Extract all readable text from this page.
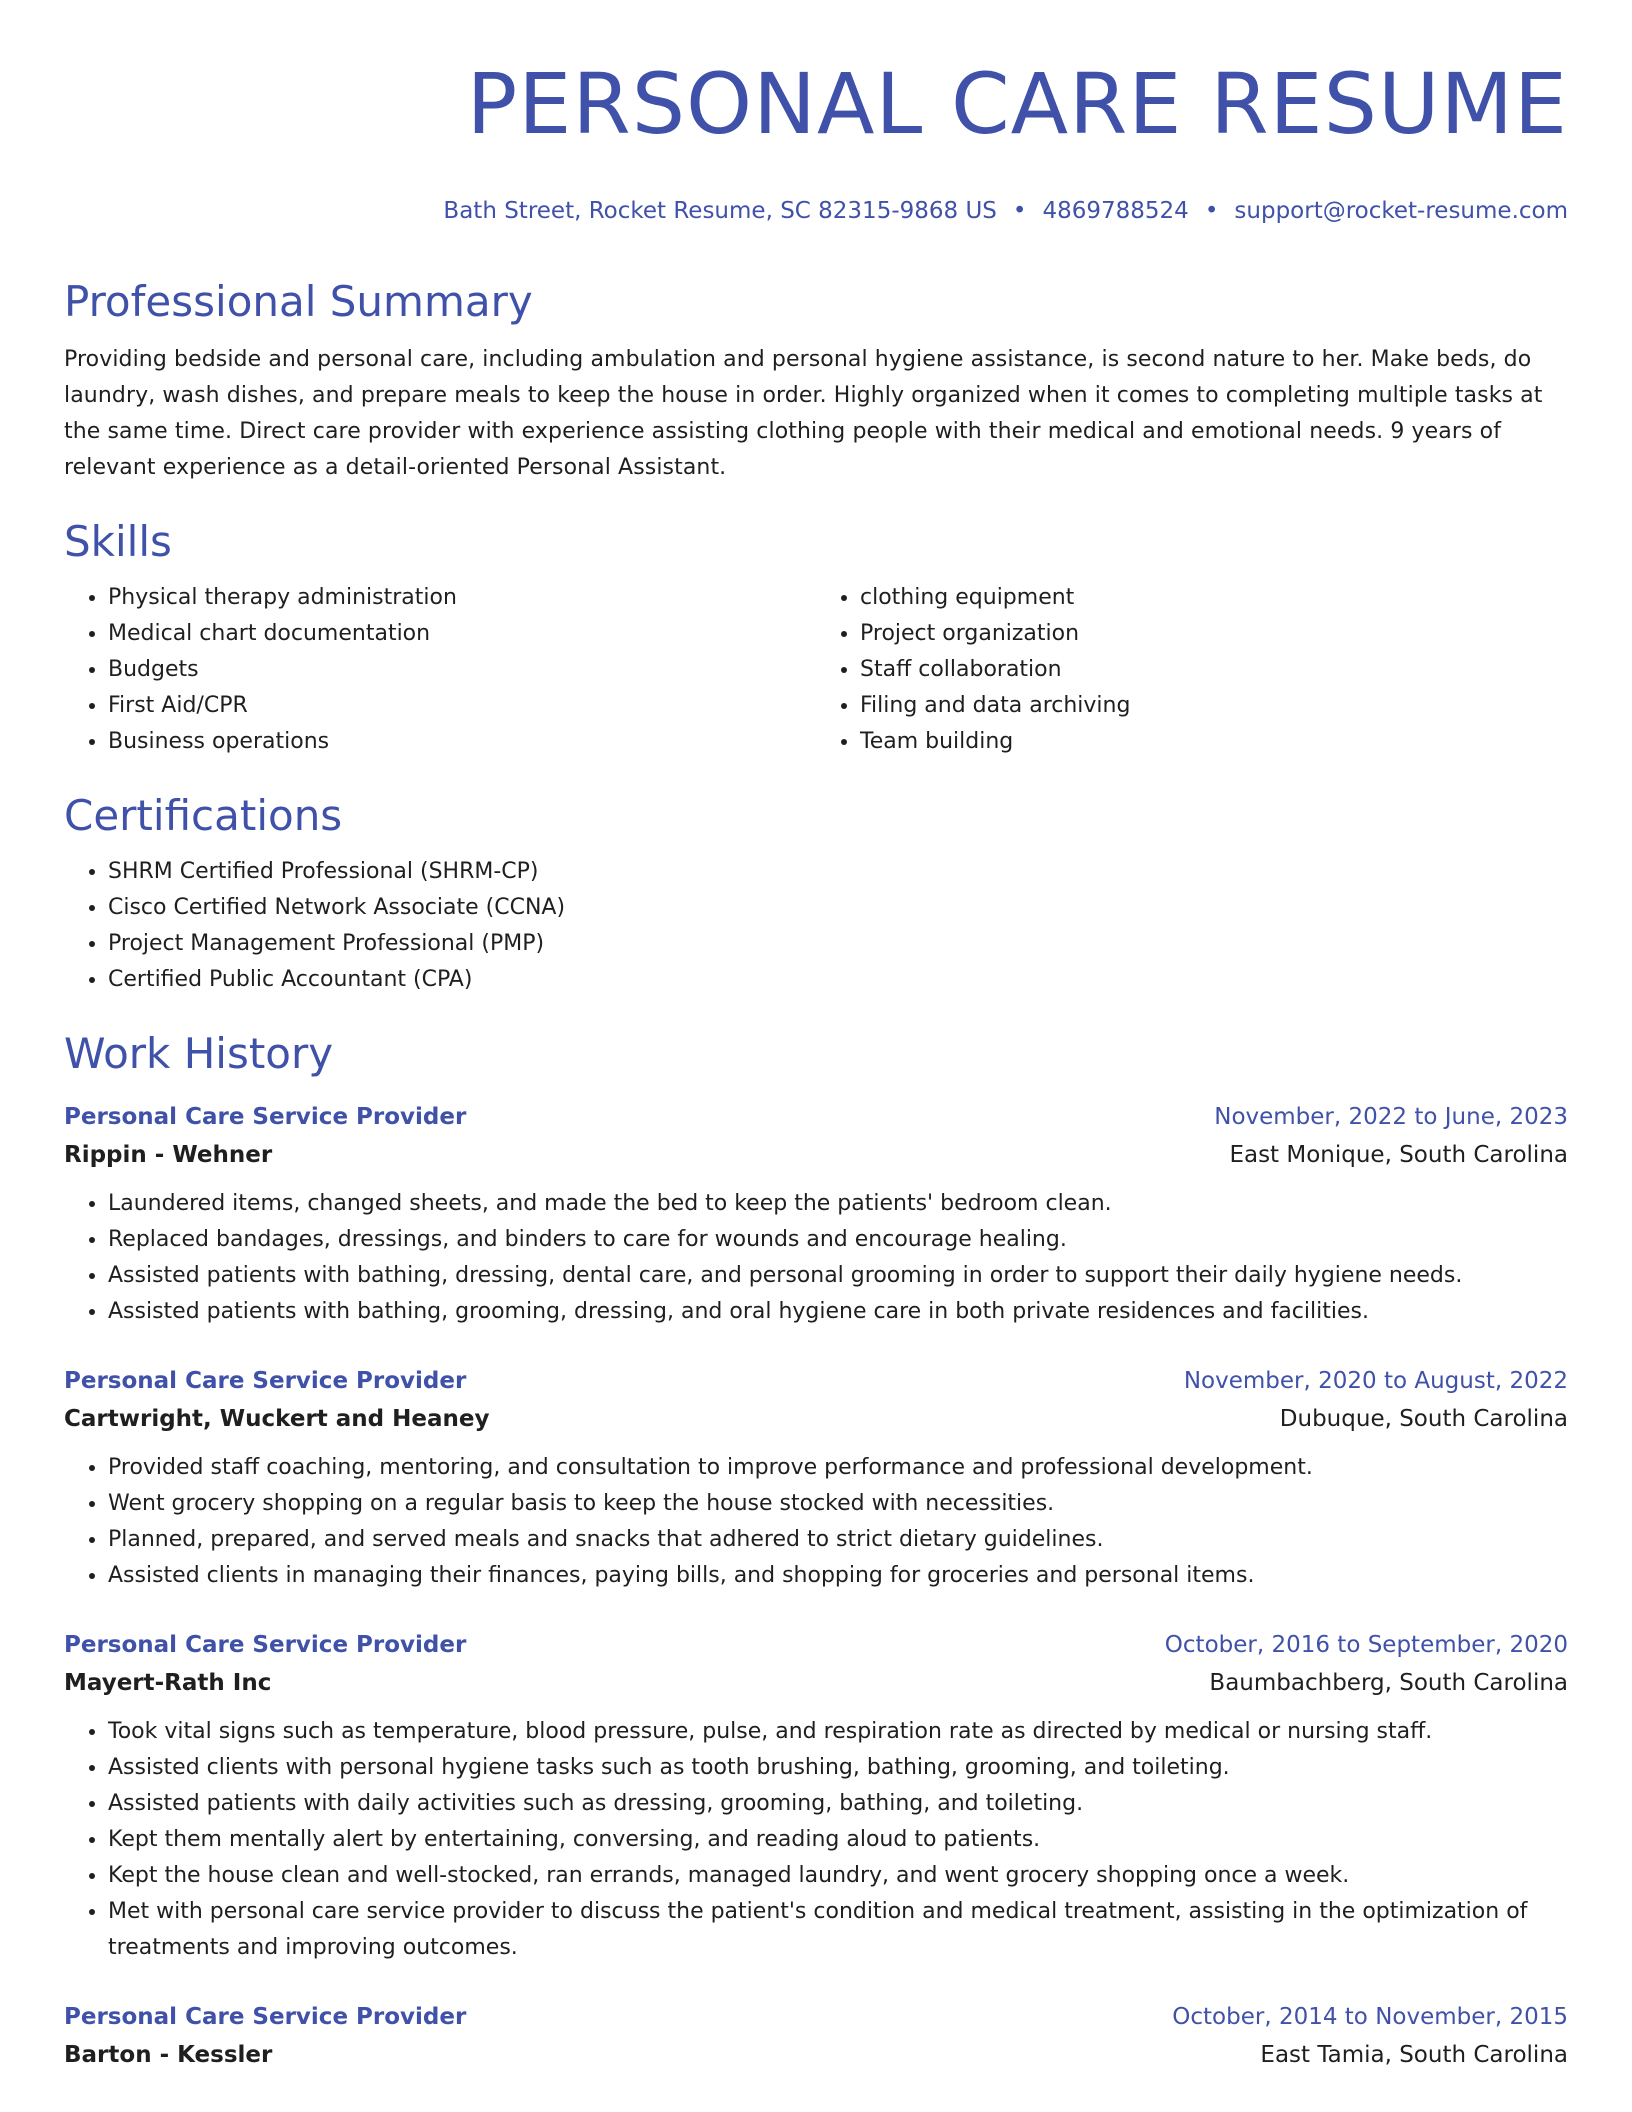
PERSONAL CARE RESUME
Bath Street, Rocket Resume, SC 82315-9868 US • 4869788524 • support@rocket-resume.com
Professional Summary

Providing bedside and personal care, including ambulation and personal hygiene assistance, is second nature to her. Make beds, do laundry, wash dishes, and prepare meals to keep the house in order. Highly organized when it comes to completing multiple tasks at the same time. Direct care provider with experience assisting clothing people with their medical and emotional needs. 9 years of relevant experience as a detail-oriented Personal Assistant.

Skills
• Physical therapy administration
• Medical chart documentation
• Budgets
• First Aid/CPR
• Business operations
• clothing equipment
• Project organization
• Staff collaboration
• Filing and data archiving
• Team building
Certifications
• SHRM Certified Professional (SHRM-CP)
• Cisco Certified Network Associate (CCNA)
• Project Management Professional (PMP)
• Certified Public Accountant (CPA)
Work History
Personal Care Service Provider	November, 2022 to June, 2023
Rippin - Wehner	East Monique, South Carolina
• Laundered items, changed sheets, and made the bed to keep the patients' bedroom clean.
• Replaced bandages, dressings, and binders to care for wounds and encourage healing.
• Assisted patients with bathing, dressing, dental care, and personal grooming in order to support their daily hygiene needs.
• Assisted patients with bathing, grooming, dressing, and oral hygiene care in both private residences and facilities.
Personal Care Service Provider	November, 2020 to August, 2022
Cartwright, Wuckert and Heaney	Dubuque, South Carolina
• Provided staff coaching, mentoring, and consultation to improve performance and professional development.
• Went grocery shopping on a regular basis to keep the house stocked with necessities.
• Planned, prepared, and served meals and snacks that adhered to strict dietary guidelines.
• Assisted clients in managing their finances, paying bills, and shopping for groceries and personal items.
Personal Care Service Provider	October, 2016 to September, 2020
Mayert-Rath Inc	Baumbachberg, South Carolina
• Took vital signs such as temperature, blood pressure, pulse, and respiration rate as directed by medical or nursing staff.
• Assisted clients with personal hygiene tasks such as tooth brushing, bathing, grooming, and toileting.
• Assisted patients with daily activities such as dressing, grooming, bathing, and toileting.
• Kept them mentally alert by entertaining, conversing, and reading aloud to patients.
• Kept the house clean and well-stocked, ran errands, managed laundry, and went grocery shopping once a week.
• Met with personal care service provider to discuss the patient's condition and medical treatment, assisting in the optimization of treatments and improving outcomes.
Personal Care Service Provider	October, 2014 to November, 2015
Barton - Kessler	East Tamia, South Carolina
